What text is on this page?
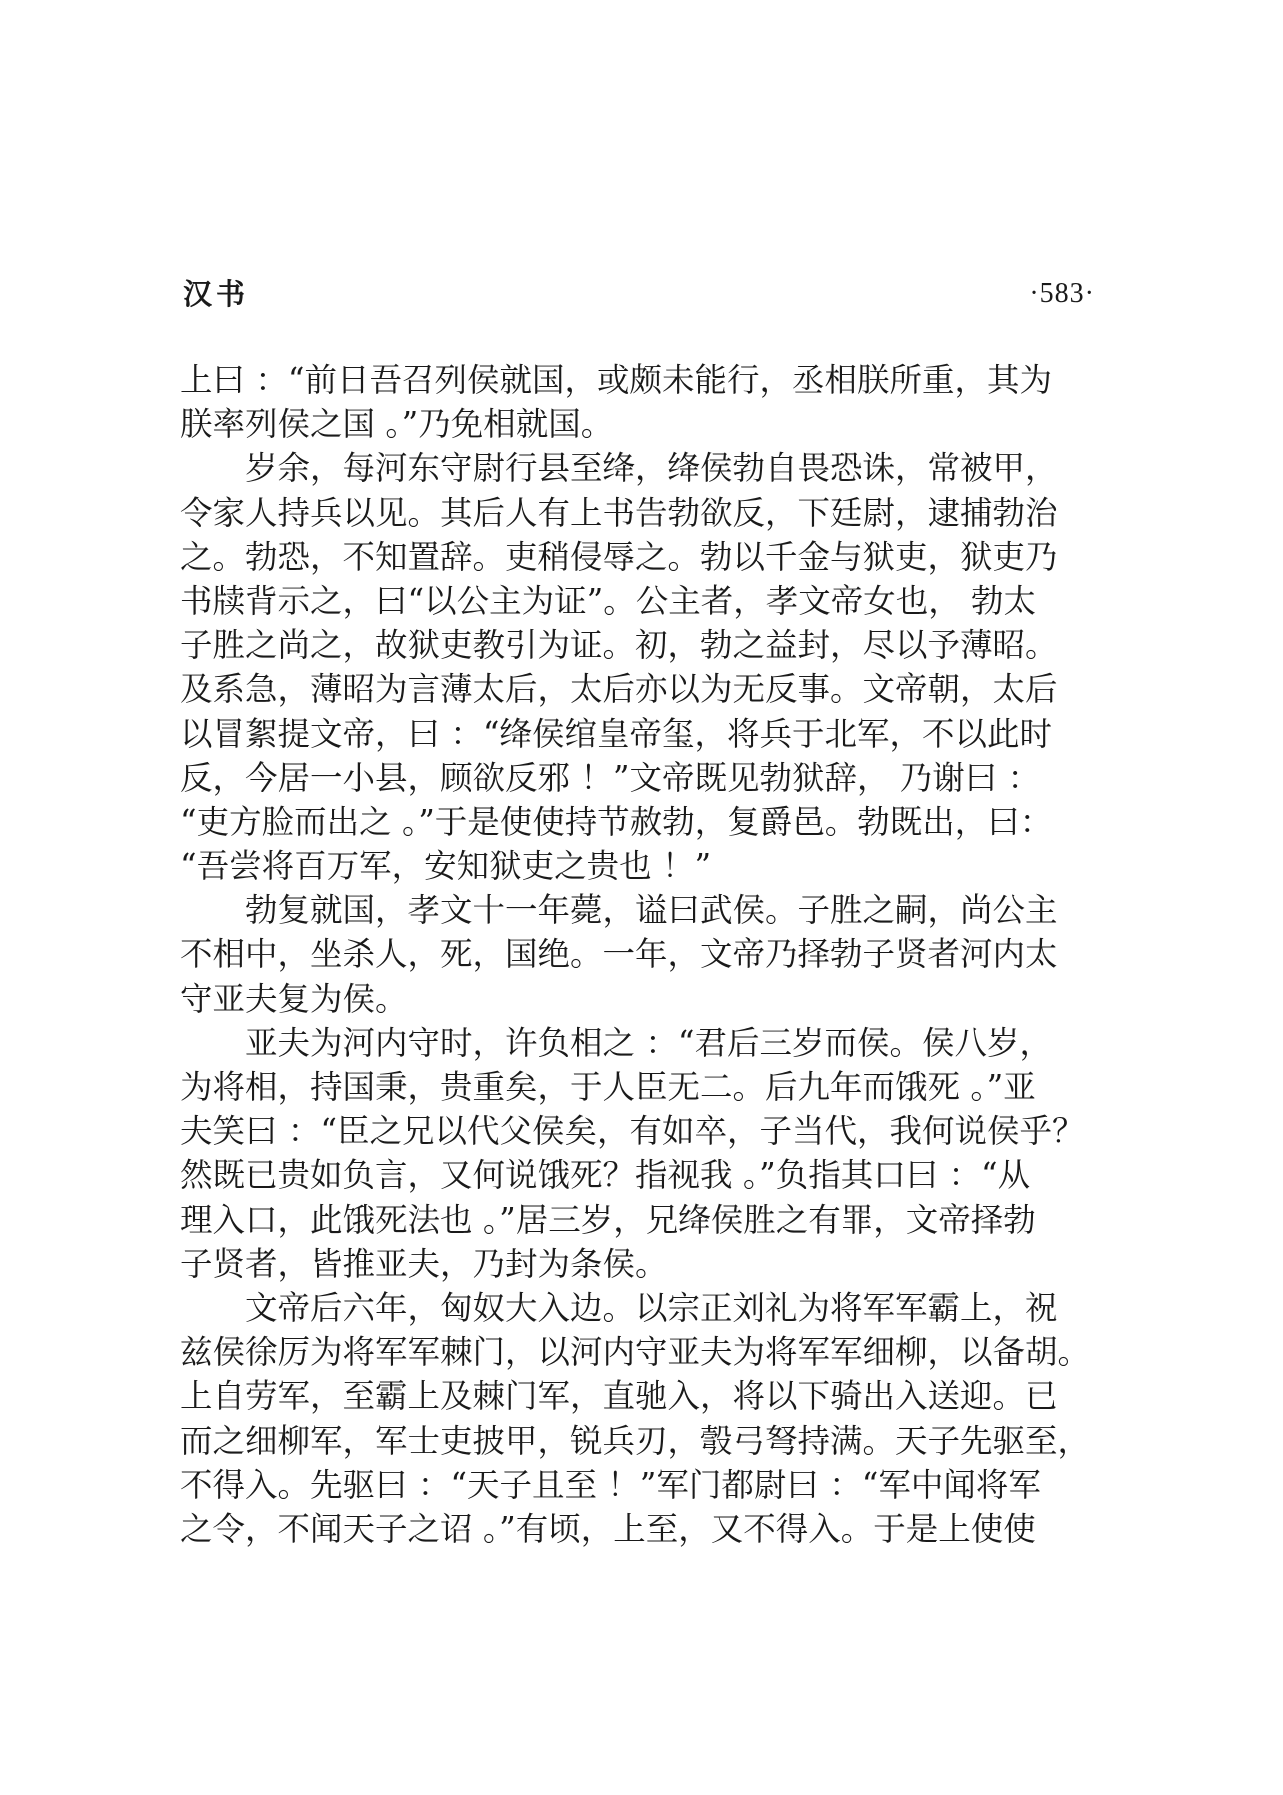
汉书	·583·
上曰 ：“前日吾召列侯就国，或颇未能行，丞相朕所重，其为
朕率列侯之国 。”乃免相就国。
岁余，每河东守尉行县至绛，绛侯勃自畏恐诛，常被甲，
令家人持兵以见。其后人有上书告勃欲反，下廷尉，逮捕勃治
之。勃恐，不知置辞。吏稍侵辱之。勃以千金与狱吏，狱吏乃
书牍背示之，曰“以公主为证”。公主者，孝文帝女也， 勃太
子胜之尚之，故狱吏教引为证。初，勃之益封，尽以予薄昭。
及系急，薄昭为言薄太后，太后亦以为无反事。文帝朝，太后
以冒絮提文帝，曰 ：“绛侯绾皇帝玺，将兵于北军，不以此时
反，今居一小县，顾欲反邪 ！”文帝既见勃狱辞， 乃谢曰 ：
“吏方脸而出之 。”于是使使持节赦勃，复爵邑。勃既出，曰：
“吾尝将百万军，安知狱吏之贵也 ！”
勃复就国，孝文十一年薨，谥曰武侯。子胜之嗣，尚公主
不相中，坐杀人，死，国绝。一年，文帝乃择勃子贤者河内太
守亚夫复为侯。
亚夫为河内守时，许负相之 ：“君后三岁而侯。侯八岁，
为将相，持国秉，贵重矣，于人臣无二。后九年而饿死 。”亚
夫笑曰 ：“臣之兄以代父侯矣，有如卒，子当代，我何说侯乎？
然既已贵如负言，又何说饿死？指视我 。”负指其口曰 ：“从
理入口，此饿死法也 。”居三岁，兄绛侯胜之有罪，文帝择勃
子贤者，皆推亚夫，乃封为条侯。
文帝后六年，匈奴大入边。以宗正刘礼为将军军霸上，祝
兹侯徐厉为将军军棘门，以河内守亚夫为将军军细柳，以备胡。
上自劳军，至霸上及棘门军，直驰入，将以下骑出入送迎。已
而之细柳军，军士吏披甲，锐兵刃，彀弓弩持满。天子先驱至，
不得入。先驱曰 ：“天子且至 ！”军门都尉曰 ：“军中闻将军
之令，不闻天子之诏 。”有顷，上至，又不得入。于是上使使
